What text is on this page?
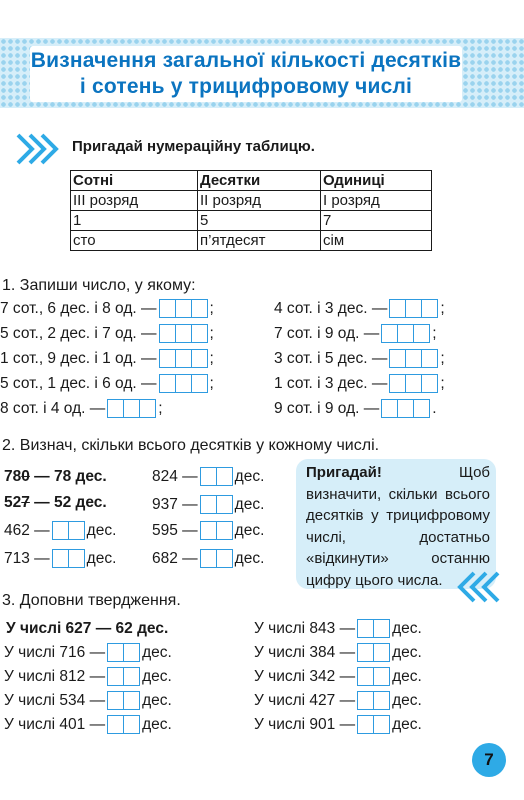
Визначення загальної кількості десятків
і сотень у трицифровому числі
Пригадай нумераційну таблицю.
Сотні	Десятки	Одиниці
III розряд	II розряд	I розряд
1	5	7
сто	п’ятдесят	сім
1. Запиши число, у якому:
7 сот., 6 дес. і 8 од. —	;
5 сот., 2 дес. і 7 од. —	;
1 сот., 9 дес. і 1 од. —	;
5 сот., 1 дес. і 6 од. —	;
8 сот. і 4 од. —	;
4 сот. і 3 дес. —	;
7 сот. і 9 од. —	;
3 сот. і 5 дес. —	;
1 сот. і 3 дес. —	;
9 сот. і 9 од. —	.
2. Визнач, скільки всього десятків у кожному числі.
780 — 78 дес.
527 — 52 дес.
462 — дес.
713 — дес.
824 — дес.
937 — дес.
595 — дес.
682 — дес.
Пригадай!	Щоб визначити, скільки всього десятків у трицифровому числі, достатньо «відкинути» останню цифру цього числа.
3. Доповни твердження.
У числі 627 — 62 дес.
У числі 716 — дес.
У числі 812 — дес.
У числі 534 — дес.
У числі 401 — дес.
У числі 843 — дес.
У числі 384 — дес.
У числі 342 — дес.
У числі 427 — дес.
У числі 901 — дес.
7
